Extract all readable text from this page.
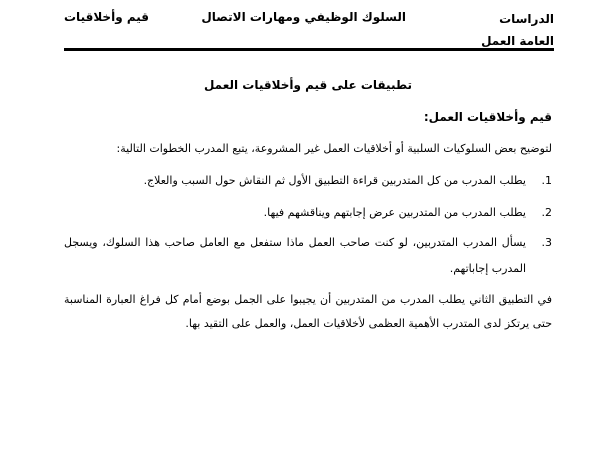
الدراسات العامة العمل
السلوك الوظيفي ومهارات الاتصال
قيم وأخلاقيات
تطبيقات على قيم وأخلاقيات العمل
قيم وأخلاقيات العمل:
لتوضيح بعض السلوكيات السلبية أو أخلاقيات العمل غير المشروعة، يتبع المدرب الخطوات التالية:
1.
يطلب المدرب من كل المتدربين قراءة التطبيق الأول ثم النقاش حول السبب والعلاج.
2.
يطلب المدرب من المتدربين عرض إجابتهم ويناقشهم فيها.
3.
يسأل المدرب المتدربين، لو كنت صاحب العمل ماذا ستفعل مع العامل صاحب هذا السلوك، ويسجل المدرب إجاباتهم.
في التطبيق الثاني يطلب المدرب من المتدربين أن يجيبوا على الجمل بوضع أمام كل فراغ العبارة المناسبة حتى يرتكز لدى المتدرب الأهمية العظمى لأخلاقيات العمل، والعمل على التقيد بها.
